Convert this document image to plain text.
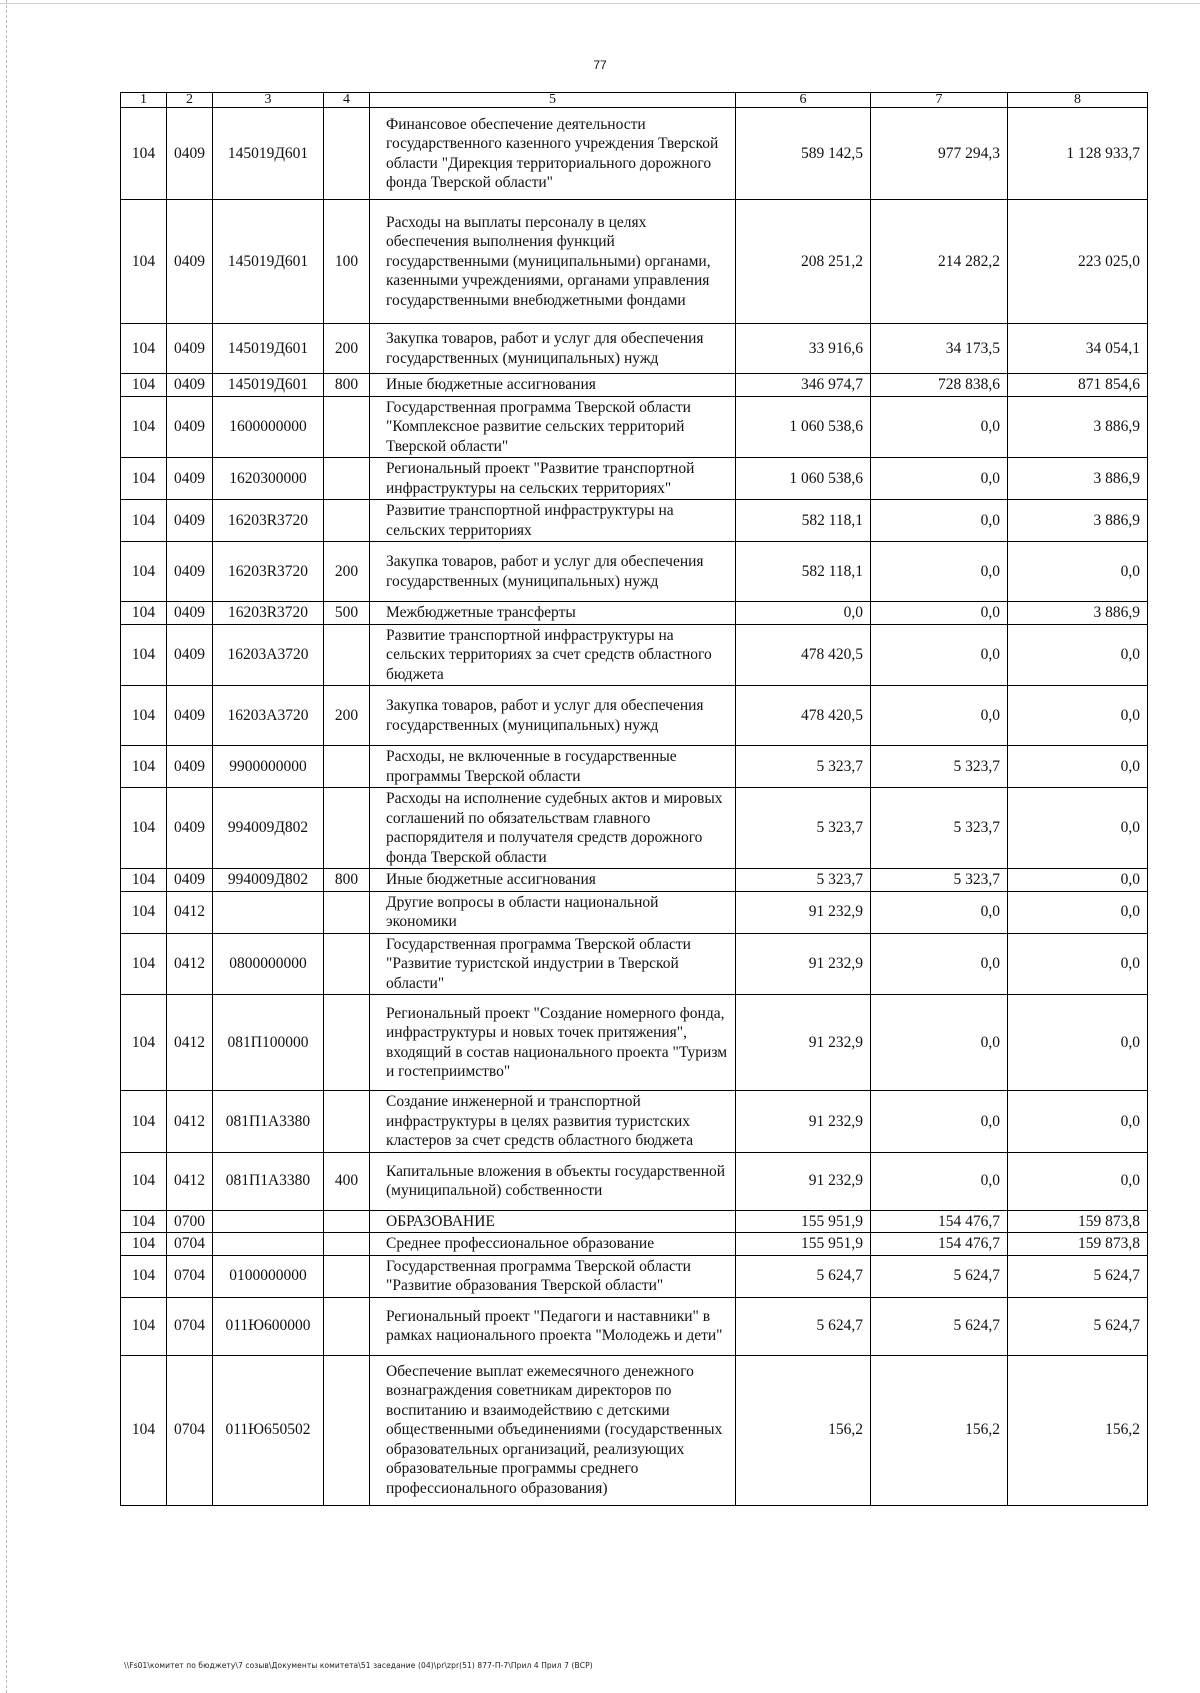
77
1	2	3	4	5	6	7	8
104	0409	145019Д601		Финансовое обеспечение деятельности государственного казенного учреждения Тверской области "Дирекция территориального дорожного фонда Тверской области"	589 142,5	977 294,3	1 128 933,7
104	0409	145019Д601	100	Расходы на выплаты персоналу в целях обеспечения выполнения функций государственными (муниципальными) органами, казенными учреждениями, органами управления государственными внебюджетными фондами	208 251,2	214 282,2	223 025,0
104	0409	145019Д601	200	Закупка товаров, работ и услуг для обеспечения государственных (муниципальных) нужд	33 916,6	34 173,5	34 054,1
104	0409	145019Д601	800	Иные бюджетные ассигнования	346 974,7	728 838,6	871 854,6
104	0409	1600000000		Государственная программа Тверской области "Комплексное развитие сельских территорий Тверской области"	1 060 538,6	0,0	3 886,9
104	0409	1620300000		Региональный проект "Развитие транспортной инфраструктуры на сельских территориях"	1 060 538,6	0,0	3 886,9
104	0409	16203R3720		Развитие транспортной инфраструктуры на сельских территориях	582 118,1	0,0	3 886,9
104	0409	16203R3720	200	Закупка товаров, работ и услуг для обеспечения государственных (муниципальных) нужд	582 118,1	0,0	0,0
104	0409	16203R3720	500	Межбюджетные трансферты	0,0	0,0	3 886,9
104	0409	16203A3720		Развитие транспортной инфраструктуры на сельских территориях за счет средств областного бюджета	478 420,5	0,0	0,0
104	0409	16203A3720	200	Закупка товаров, работ и услуг для обеспечения государственных (муниципальных) нужд	478 420,5	0,0	0,0
104	0409	9900000000		Расходы, не включенные в государственные программы Тверской области	5 323,7	5 323,7	0,0
104	0409	994009Д802		Расходы на исполнение судебных актов и мировых соглашений по обязательствам главного распорядителя и получателя средств дорожного фонда Тверской области	5 323,7	5 323,7	0,0
104	0409	994009Д802	800	Иные бюджетные ассигнования	5 323,7	5 323,7	0,0
104	0412			Другие вопросы в области национальной экономики	91 232,9	0,0	0,0
104	0412	0800000000		Государственная программа Тверской области "Развитие туристской индустрии в Тверской области"	91 232,9	0,0	0,0
104	0412	081П100000		Региональный проект "Создание номерного фонда, инфраструктуры и новых точек притяжения", входящий в состав национального проекта "Туризм и гостеприимство"	91 232,9	0,0	0,0
104	0412	081П1А3380		Создание инженерной и транспортной инфраструктуры в целях развития туристских кластеров за счет средств областного бюджета	91 232,9	0,0	0,0
104	0412	081П1А3380	400	Капитальные вложения в объекты государственной (муниципальной) собственности	91 232,9	0,0	0,0
104	0700			ОБРАЗОВАНИЕ	155 951,9	154 476,7	159 873,8
104	0704			Среднее профессиональное образование	155 951,9	154 476,7	159 873,8
104	0704	0100000000		Государственная программа Тверской области "Развитие образования Тверской области"	5 624,7	5 624,7	5 624,7
104	0704	011Ю600000		Региональный проект "Педагоги и наставники" в рамках национального проекта "Молодежь и дети"	5 624,7	5 624,7	5 624,7
104	0704	011Ю650502		Обеспечение выплат ежемесячного денежного вознаграждения советникам директоров по воспитанию и взаимодействию с детскими общественными объединениями (государственных образовательных организаций, реализующих образовательные программы среднего профессионального образования)	156,2	156,2	156,2
\\Fs01\комитет по бюджету\7 созыв\Документы комитета\51 заседание (04)\pr\zpr(51) 877-П-7\Прил 4 Прил 7 (ВСР)
